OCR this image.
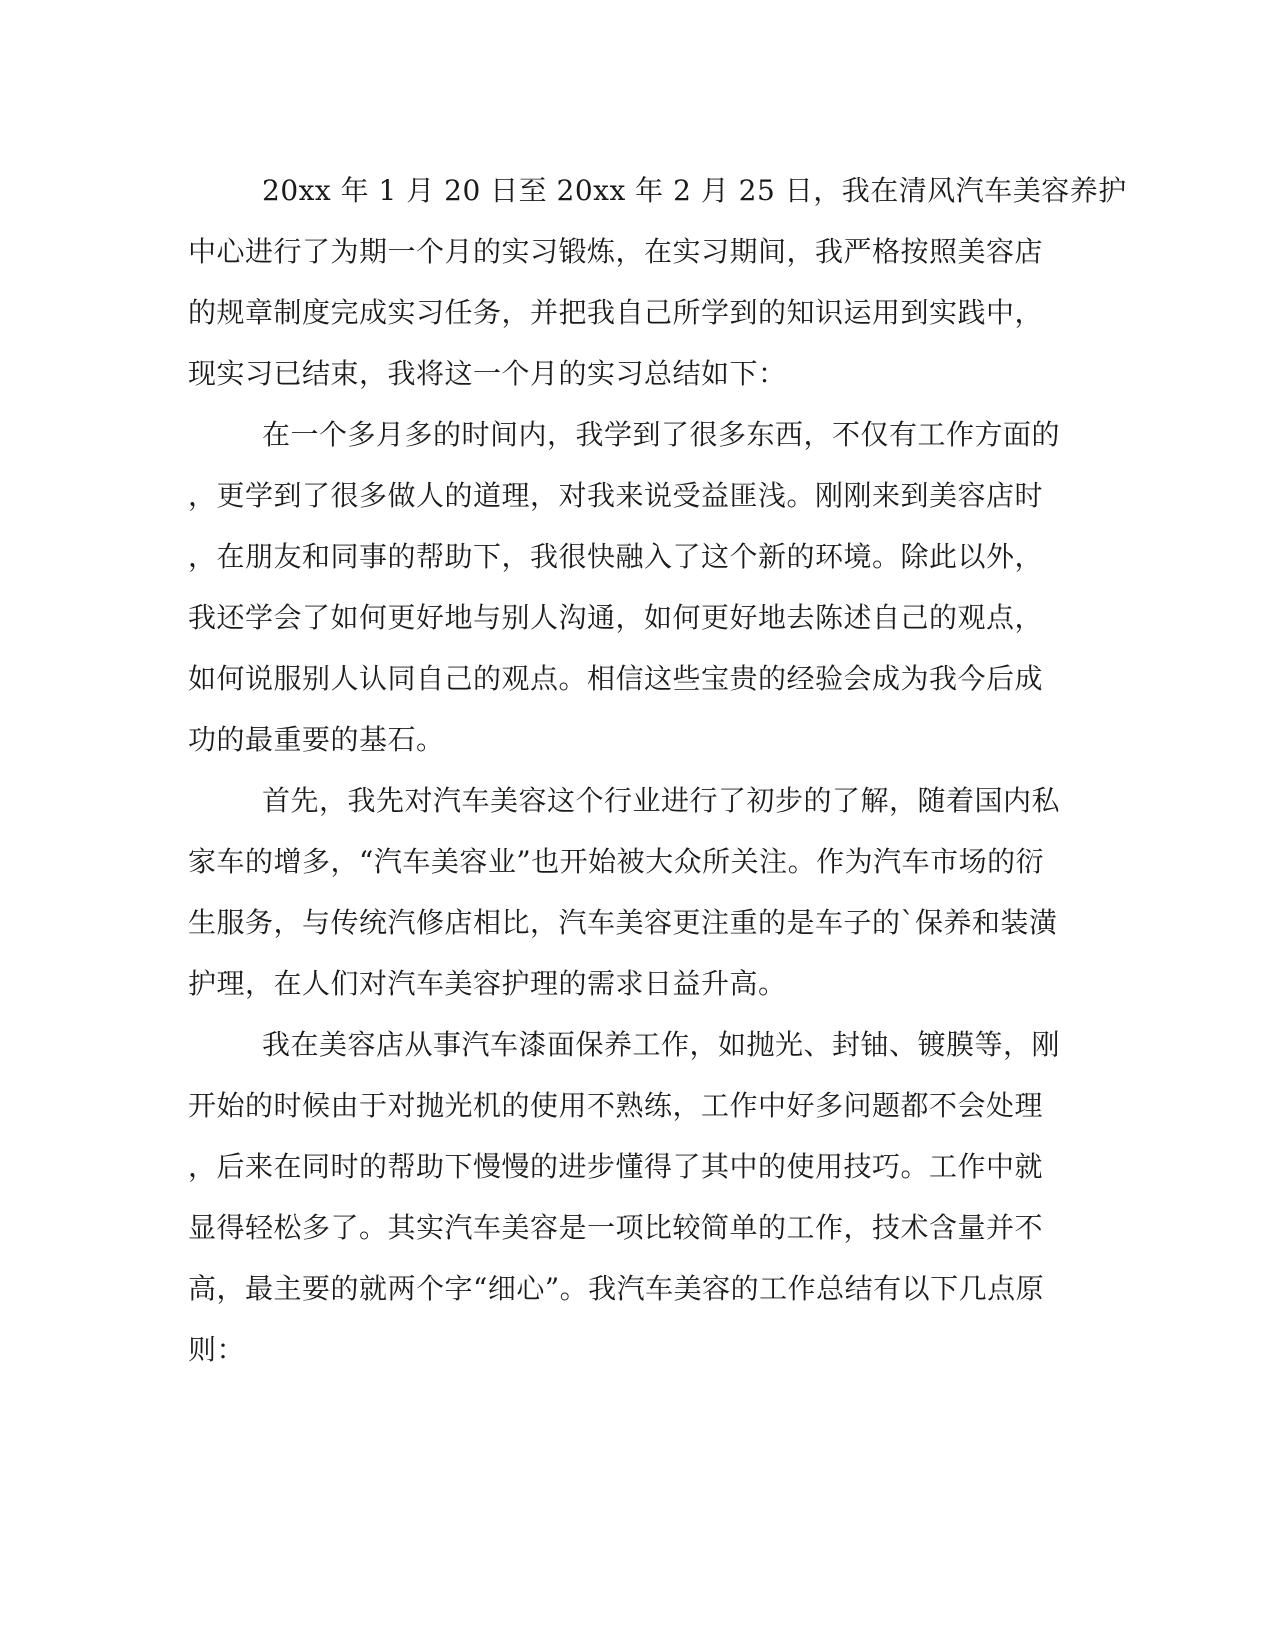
20xx 年 1 月 20 日至 20xx 年 2 月 25 日，我在清风汽车美容养护
中心进行了为期一个月的实习锻炼，在实习期间，我严格按照美容店
的规章制度完成实习任务，并把我自己所学到的知识运用到实践中，
现实习已结束，我将这一个月的实习总结如下：
在一个多月多的时间内，我学到了很多东西，不仅有工作方面的
，更学到了很多做人的道理，对我来说受益匪浅。刚刚来到美容店时
，在朋友和同事的帮助下，我很快融入了这个新的环境。除此以外，
我还学会了如何更好地与别人沟通，如何更好地去陈述自己的观点，
如何说服别人认同自己的观点。相信这些宝贵的经验会成为我今后成
功的最重要的基石。
首先，我先对汽车美容这个行业进行了初步的了解，随着国内私
家车的增多，“汽车美容业”也开始被大众所关注。作为汽车市场的衍
生服务，与传统汽修店相比，汽车美容更注重的是车子的`保养和装潢
护理，在人们对汽车美容护理的需求日益升高。
我在美容店从事汽车漆面保养工作，如抛光、封铀、镀膜等，刚
开始的时候由于对抛光机的使用不熟练，工作中好多问题都不会处理
，后来在同时的帮助下慢慢的进步懂得了其中的使用技巧。工作中就
显得轻松多了。其实汽车美容是一项比较简单的工作，技术含量并不
高，最主要的就两个字“细心”。我汽车美容的工作总结有以下几点原
则：
